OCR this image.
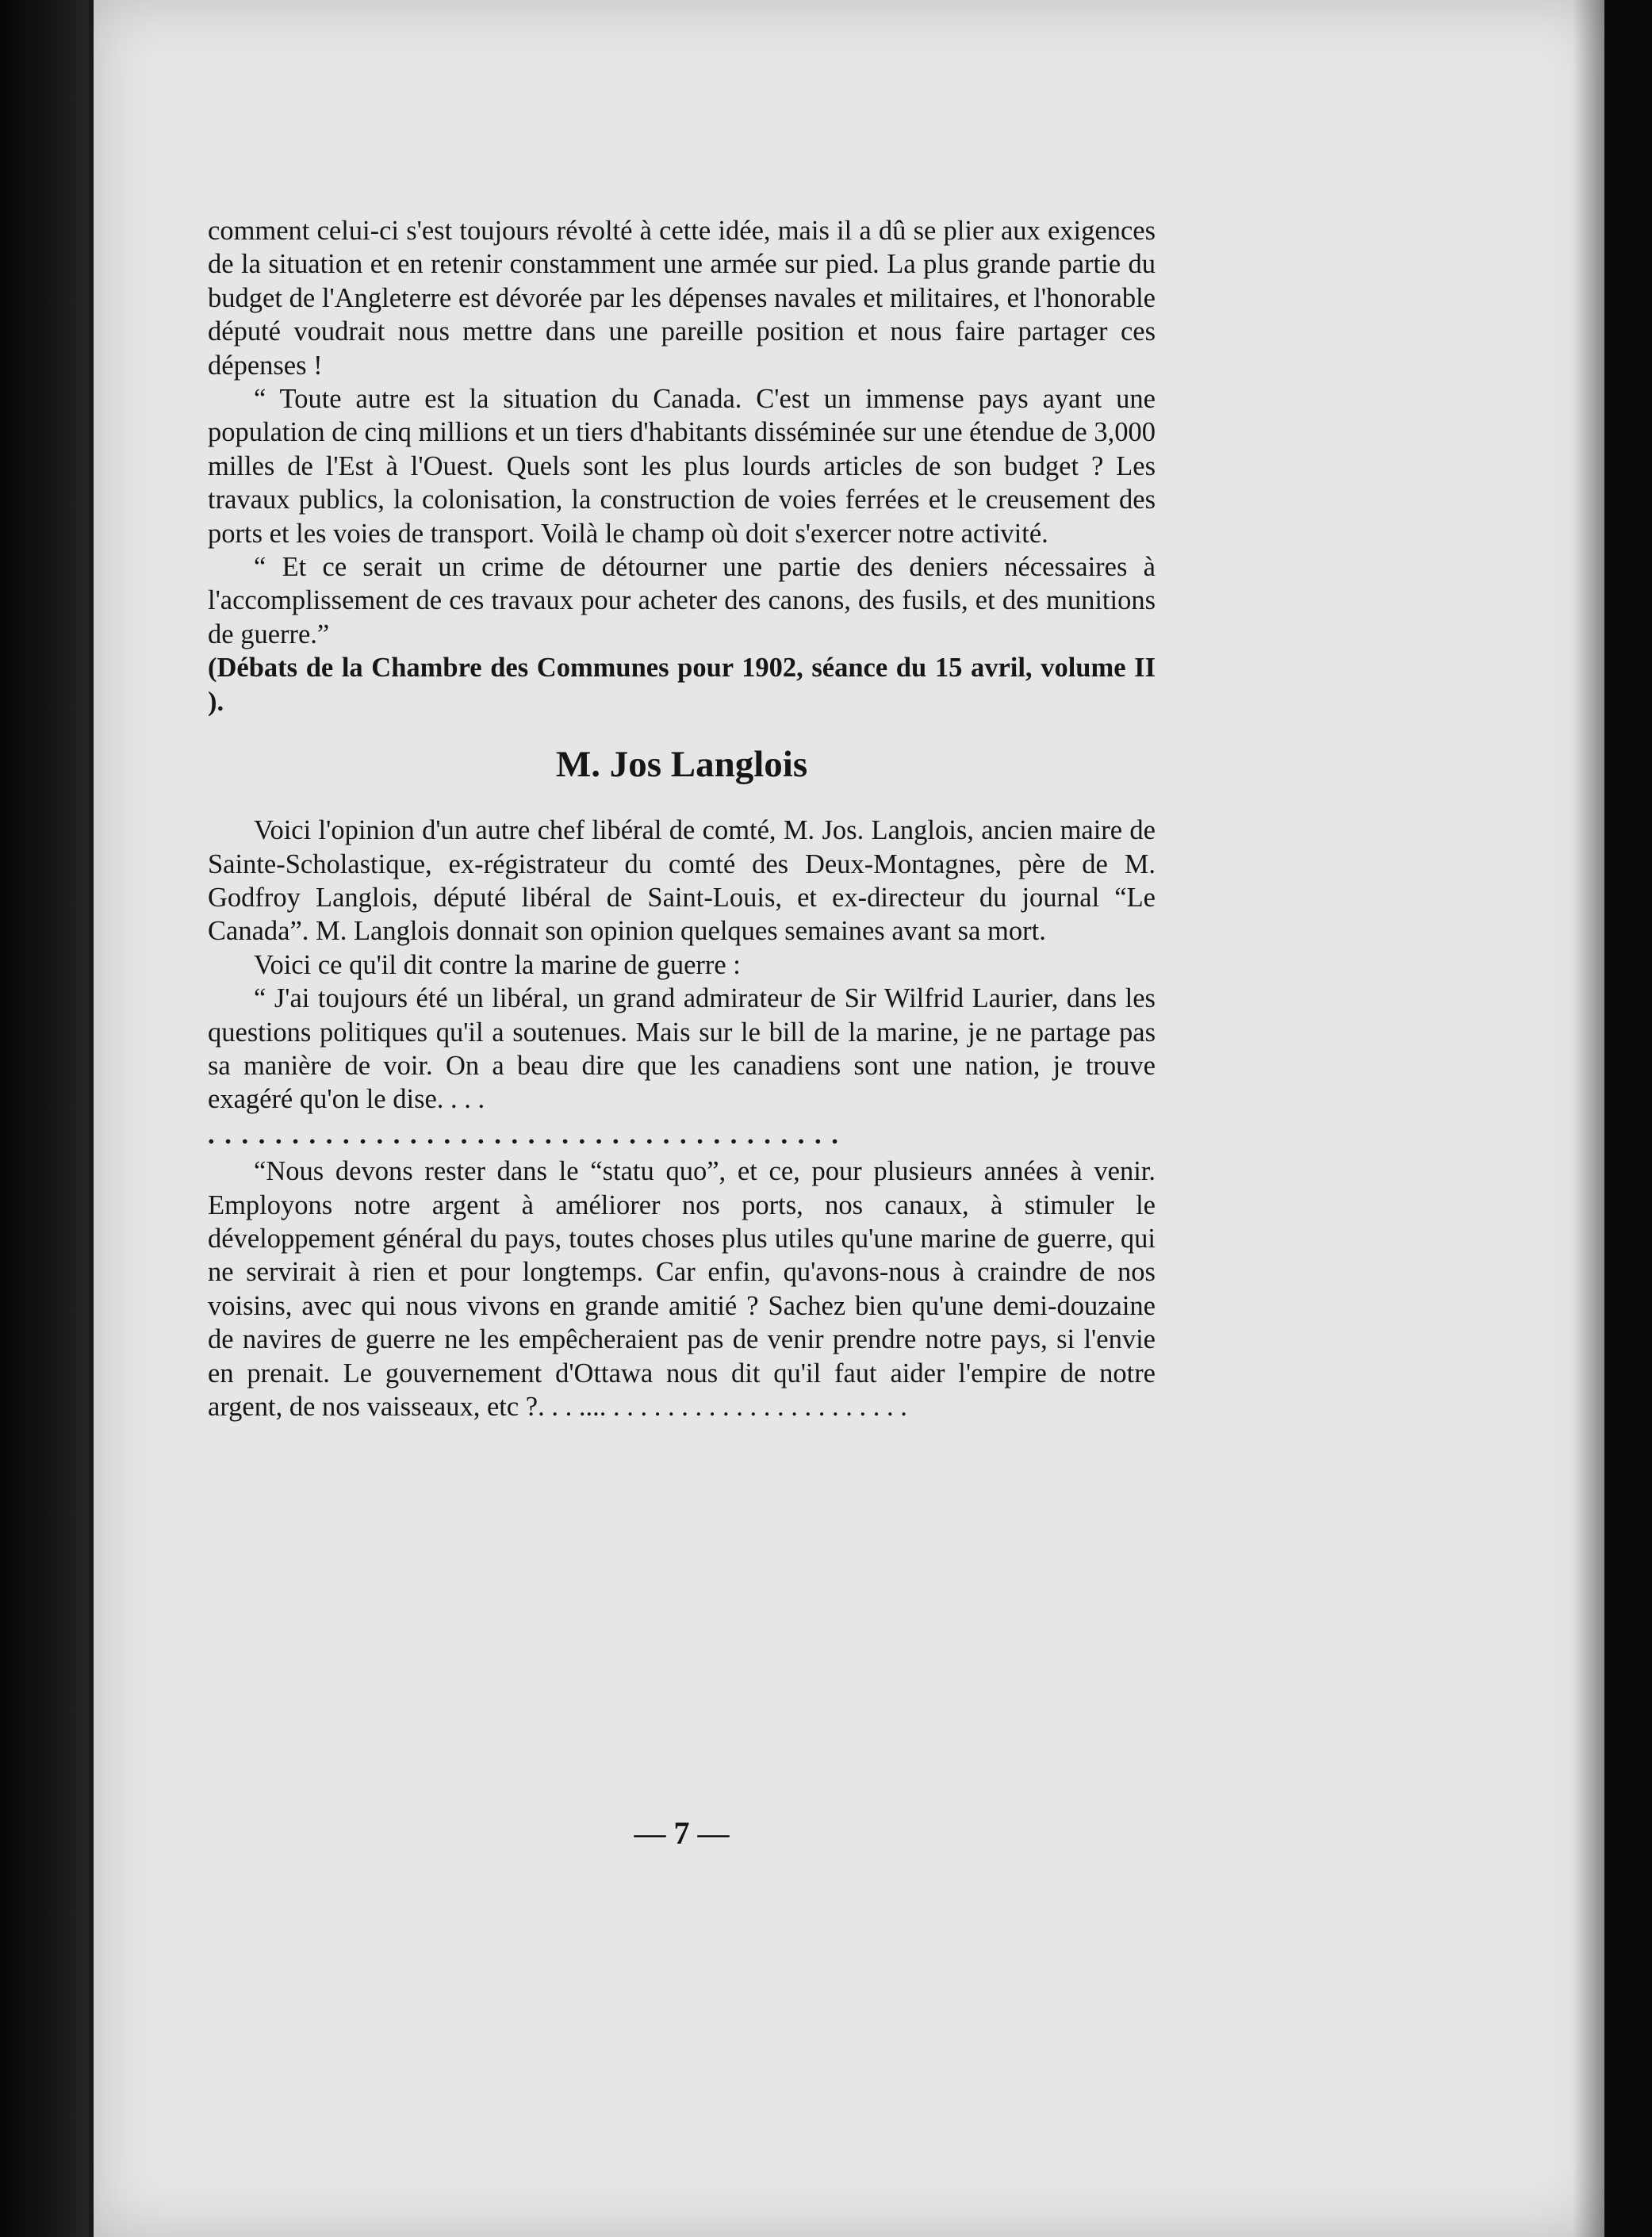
comment celui-ci s'est toujours révolté à cette idée, mais il a dû se plier aux exigences de la situation et en retenir constamment une armée sur pied. La plus grande partie du budget de l'Angleterre est dévorée par les dépenses navales et militaires, et l'honorable député voudrait nous mettre dans une pareille position et nous faire partager ces dépenses !

“ Toute autre est la situation du Canada. C'est un immense pays ayant une population de cinq millions et un tiers d'habitants disséminée sur une étendue de 3,000 milles de l'Est à l'Ouest. Quels sont les plus lourds articles de son budget ? Les travaux publics, la colonisation, la construction de voies ferrées et le creusement des ports et les voies de transport. Voilà le champ où doit s'exercer notre activité.

“ Et ce serait un crime de détourner une partie des deniers nécessaires à l'accomplissement de ces travaux pour acheter des canons, des fusils, et des munitions de guerre.”

(Débats de la Chambre des Communes pour 1902, séance du 15 avril, volume II ).

M. Jos Langlois

Voici l'opinion d'un autre chef libéral de comté, M. Jos. Langlois, ancien maire de Sainte-Scholastique, ex-régistrateur du comté des Deux-Montagnes, père de M. Godfroy Langlois, député libéral de Saint-Louis, et ex-directeur du journal “Le Canada”. M. Langlois donnait son opinion quelques semaines avant sa mort.

Voici ce qu'il dit contre la marine de guerre :

“ J'ai toujours été un libéral, un grand admirateur de Sir Wilfrid Laurier, dans les questions politiques qu'il a soutenues. Mais sur le bill de la marine, je ne partage pas sa manière de voir. On a beau dire que les canadiens sont une nation, je trouve exagéré qu'on le dise. . . .

. . . . . . . . . . . . . . . . . . . . . . . . . . . . . . . . . . . . . .

“Nous devons rester dans le “statu quo”, et ce, pour plusieurs années à venir. Employons notre argent à améliorer nos ports, nos canaux, à stimuler le développement général du pays, toutes choses plus utiles qu'une marine de guerre, qui ne servirait à rien et pour longtemps. Car enfin, qu'avons-nous à craindre de nos voisins, avec qui nous vivons en grande amitié ? Sachez bien qu'une demi-douzaine de navires de guerre ne les empêcheraient pas de venir prendre notre pays, si l'envie en prenait. Le gouvernement d'Ottawa nous dit qu'il faut aider l'empire de notre argent, de nos vaisseaux, etc ?. . . .... . . . . . . . . . . . . . . . . . . . . . .

— 7 —
